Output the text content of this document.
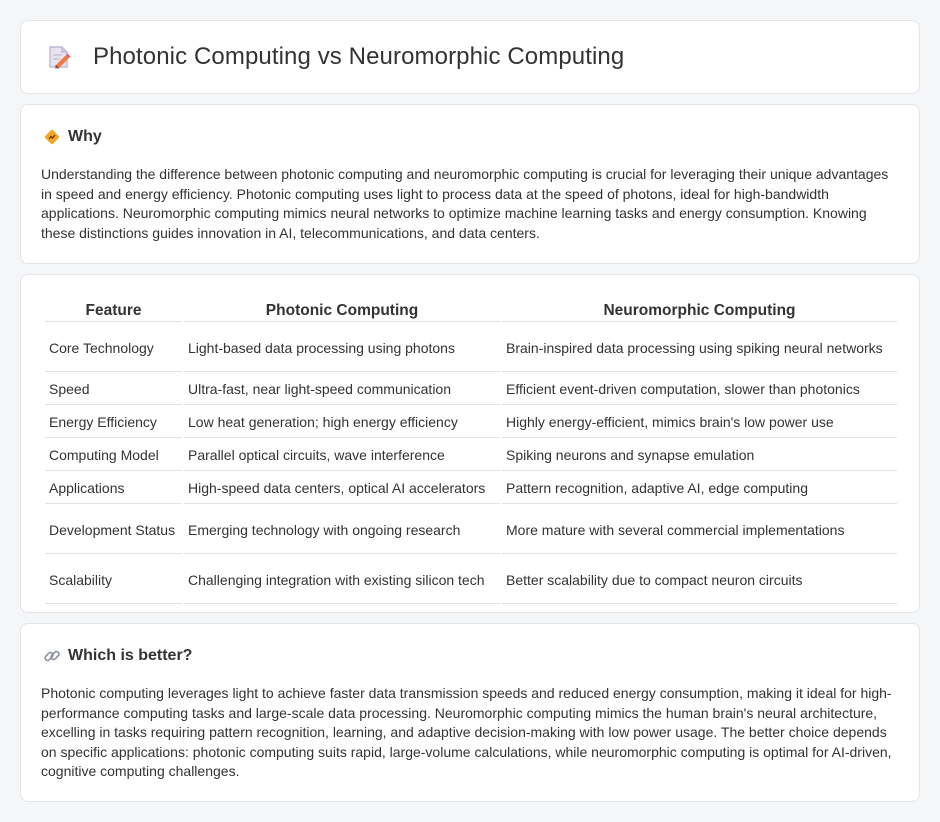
Photonic Computing vs Neuromorphic Computing
Why

Understanding the difference between photonic computing and neuromorphic computing is crucial for leveraging their unique advantages in speed and energy efficiency. Photonic computing uses light to process data at the speed of photons, ideal for high-bandwidth applications. Neuromorphic computing mimics neural networks to optimize machine learning tasks and energy consumption. Knowing these distinctions guides innovation in AI, telecommunications, and data centers.

Feature	Photonic Computing	Neuromorphic Computing
Core Technology	Light-based data processing using photons	Brain-inspired data processing using spiking neural networks
Speed	Ultra-fast, near light-speed communication	Efficient event-driven computation, slower than photonics
Energy Efficiency	Low heat generation; high energy efficiency	Highly energy-efficient, mimics brain's low power use
Computing Model	Parallel optical circuits, wave interference	Spiking neurons and synapse emulation
Applications	High-speed data centers, optical AI accelerators	Pattern recognition, adaptive AI, edge computing
Development Status	Emerging technology with ongoing research	More mature with several commercial implementations
Scalability	Challenging integration with existing silicon tech	Better scalability due to compact neuron circuits
Which is better?

Photonic computing leverages light to achieve faster data transmission speeds and reduced energy consumption, making it ideal for high-performance computing tasks and large-scale data processing. Neuromorphic computing mimics the human brain's neural architecture, excelling in tasks requiring pattern recognition, learning, and adaptive decision-making with low power usage. The better choice depends on specific applications: photonic computing suits rapid, large-volume calculations, while neuromorphic computing is optimal for AI-driven, cognitive computing challenges.
